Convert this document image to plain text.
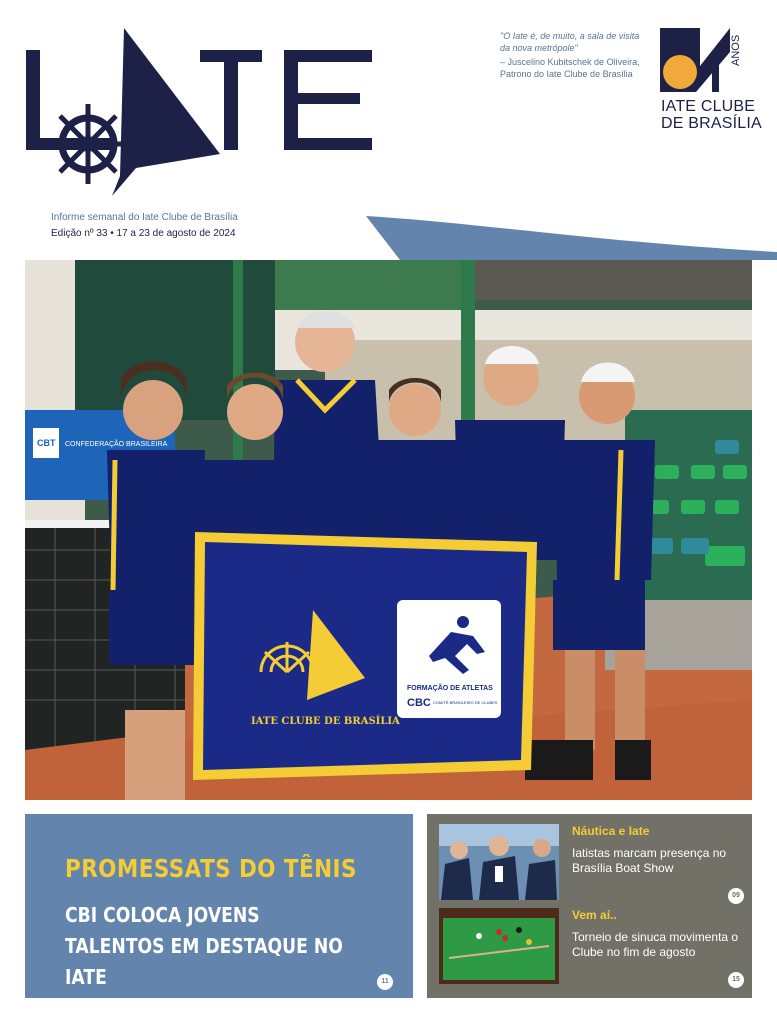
Informe semanal do Iate Clube de Brasília
Edição nº 33 • 17 a 23 de agosto de 2024
"O Iate é, de muito, a sala de visita da nova metrópole"
– Juscelino Kubitschek de Oliveira, Patrono do Iate Clube de Brasília
ANOS
IATE CLUBE
DE BRASÍLIA
CBT CONFEDERAÇÃO BRASILEIRA
IATE CLUBE DE BRASÍLIA
FORMAÇÃO DE ATLETAS
CBC COMITÊ BRASILEIRO DE CLUBES
PROMESSATS DO TÊNIS
CBI COLOCA JOVENS TALENTOS EM DESTAQUE NO IATE	11
Náutica e Iate
Iatistas marcam presença no Brasília Boat Show
09
Vem aí..
Torneio de sinuca movimenta o Clube no fim de agosto
15
